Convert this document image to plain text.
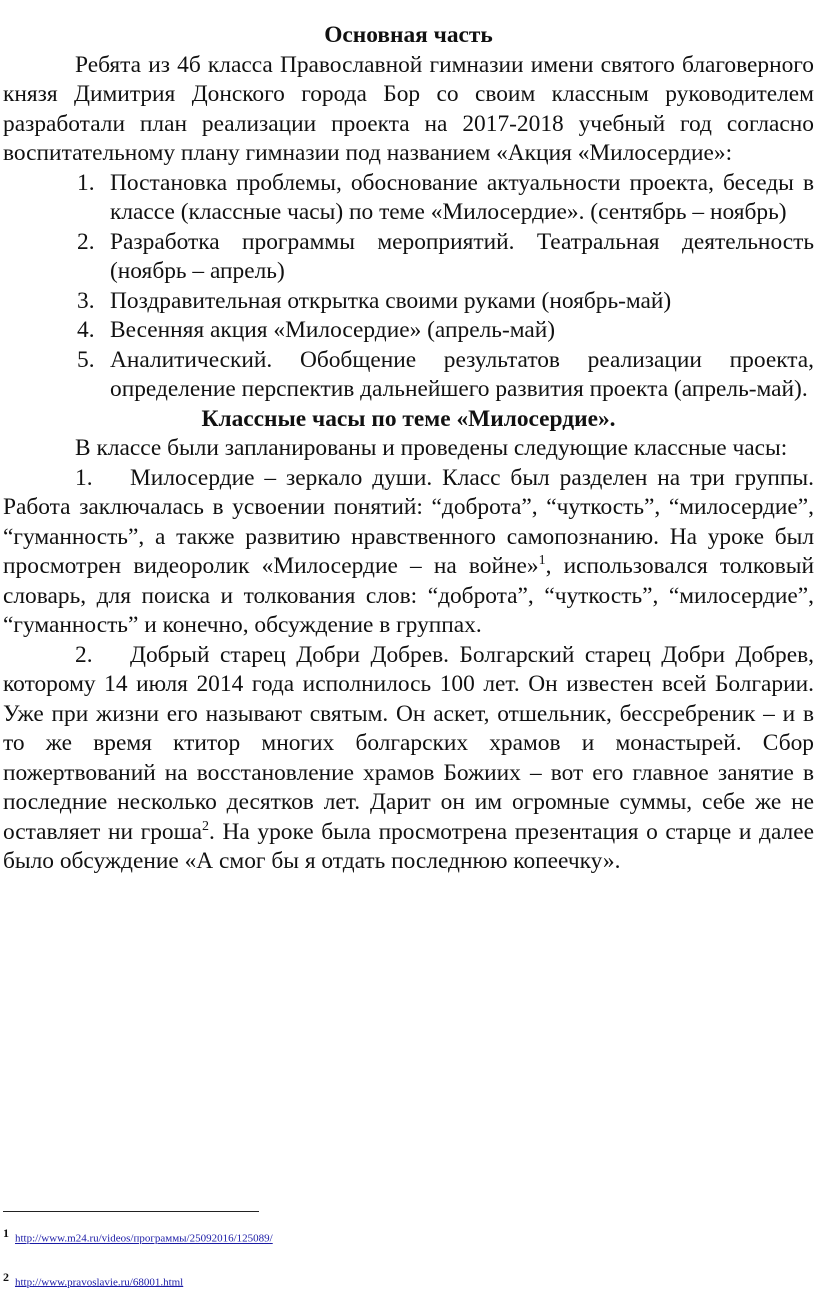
Основная часть

Ребята из 4б класса Православной гимназии имени святого благоверного князя Димитрия Донского города Бор со своим классным руководителем разработали план реализации проекта на 2017-2018 учебный год согласно воспитательному плану гимназии под названием «Акция «Милосердие»:

1. Постановка проблемы, обоснование актуальности проекта, беседы в классе (классные часы) по теме «Милосердие». (сентябрь – ноябрь)
2. Разработка программы мероприятий. Театральная деятельность (ноябрь – апрель)
3. Поздравительная открытка своими руками (ноябрь-май)
4. Весенняя акция «Милосердие» (апрель-май)
5. Аналитический. Обобщение результатов реализации проекта, определение перспектив дальнейшего развития проекта (апрель-май).
Классные часы по теме «Милосердие».

В классе были запланированы и проведены следующие классные часы:

1. Милосердие – зеркало души. Класс был разделен на три группы. Работа заключалась в усвоении понятий: “доброта”, “чуткость”, “милосердие”, “гуманность”, а также развитию нравственного самопознанию. На уроке был просмотрен видеоролик «Милосердие – на войне»$^1$, использовался толковый словарь, для поиска и толкования слов: “доброта”, “чуткость”, “милосердие”, “гуманность” и конечно, обсуждение в группах.

2. Добрый старец Добри Добрев. Болгарский старец Добри Добрев, которому 14 июля 2014 года исполнилось 100 лет. Он известен всей Болгарии. Уже при жизни его называют святым. Он аскет, отшельник, бессребреник – и в то же время ктитор многих болгарских храмов и монастырей. Сбор пожертвований на восстановление храмов Божиих – вот его главное занятие в последние несколько десятков лет. Дарит он им огромные суммы, себе же не оставляет ни гроша$^2$. На уроке была просмотрена презентация о старце и далее было обсуждение «А смог бы я отдать последнюю копеечку».

1 http://www.m24.ru/videos/программы/25092016/125089/

2 http://www.pravoslavie.ru/68001.html
